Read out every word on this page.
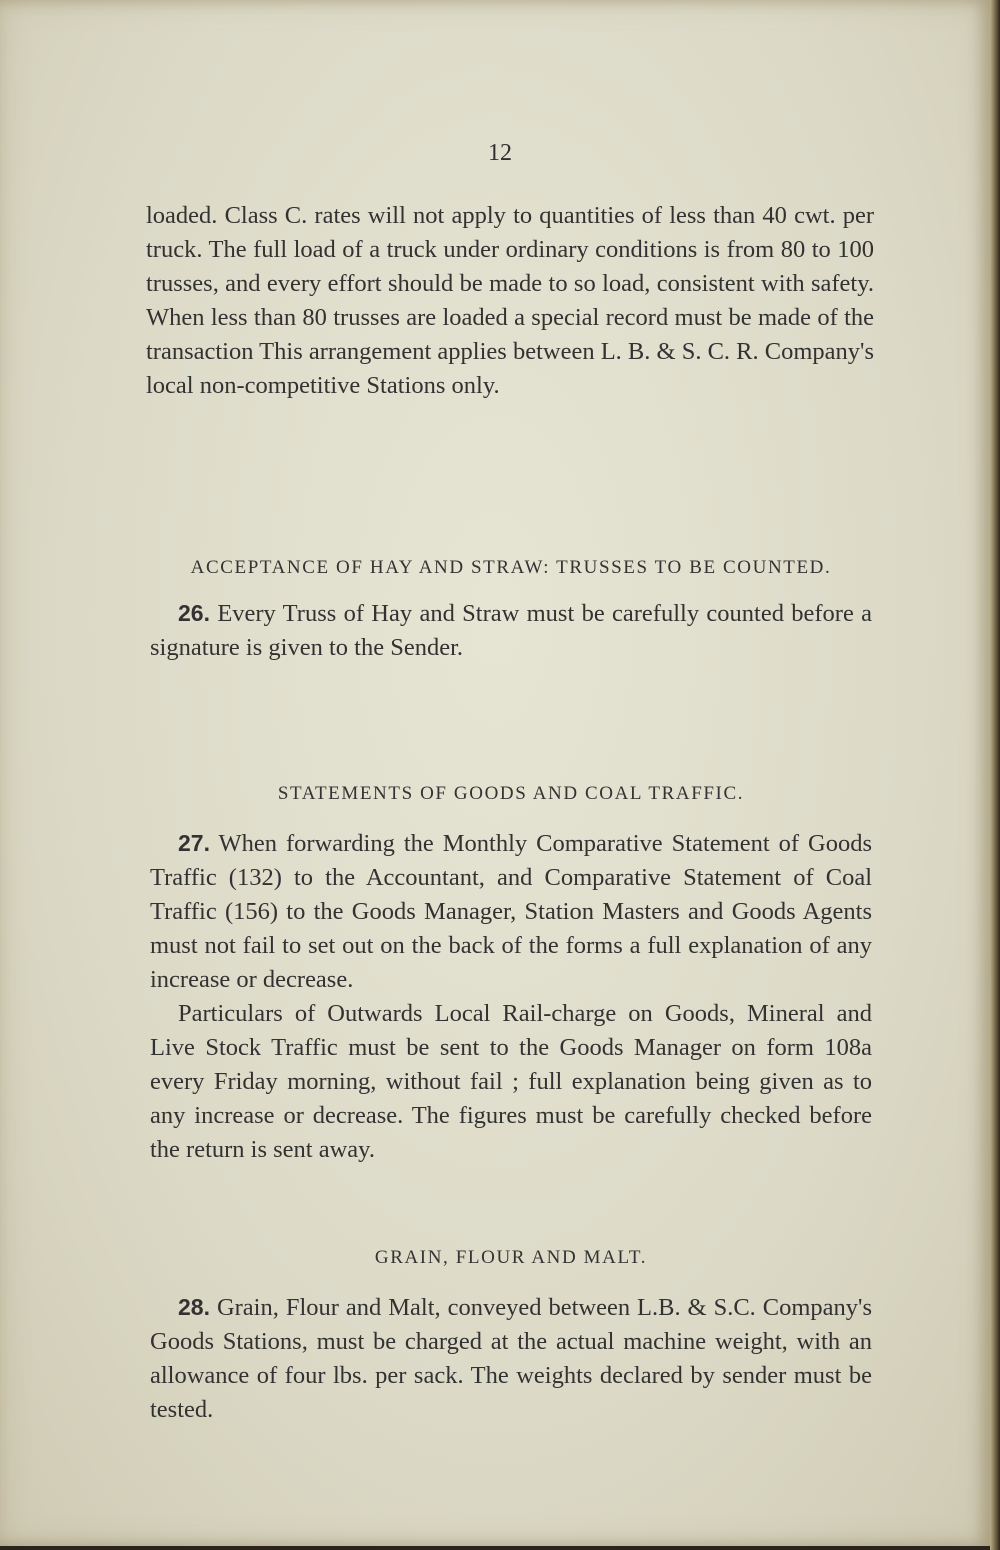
12

loaded. Class C. rates will not apply to quantities of less than 40 cwt. per truck. The full load of a truck under ordinary conditions is from 80 to 100 trusses, and every effort should be made to so load, consistent with safety. When less than 80 trusses are loaded a special record must be made of the transaction This arrangement applies between L. B. & S. C. R. Company's local non-competitive Stations only.

ACCEPTANCE OF HAY AND STRAW: TRUSSES TO BE COUNTED.

26. Every Truss of Hay and Straw must be carefully counted before a signature is given to the Sender.

STATEMENTS OF GOODS AND COAL TRAFFIC.

27. When forwarding the Monthly Comparative Statement of Goods Traffic (132) to the Accountant, and Comparative Statement of Coal Traffic (156) to the Goods Manager, Station Masters and Goods Agents must not fail to set out on the back of the forms a full explanation of any increase or decrease.

Particulars of Outwards Local Rail-charge on Goods, Mineral and Live Stock Traffic must be sent to the Goods Manager on form 108a every Friday morning, without fail ; full explanation being given as to any increase or decrease. The figures must be carefully checked before the return is sent away.

GRAIN, FLOUR AND MALT.

28. Grain, Flour and Malt, conveyed between L.B. & S.C. Company's Goods Stations, must be charged at the actual machine weight, with an allowance of four lbs. per sack. The weights declared by sender must be tested.
